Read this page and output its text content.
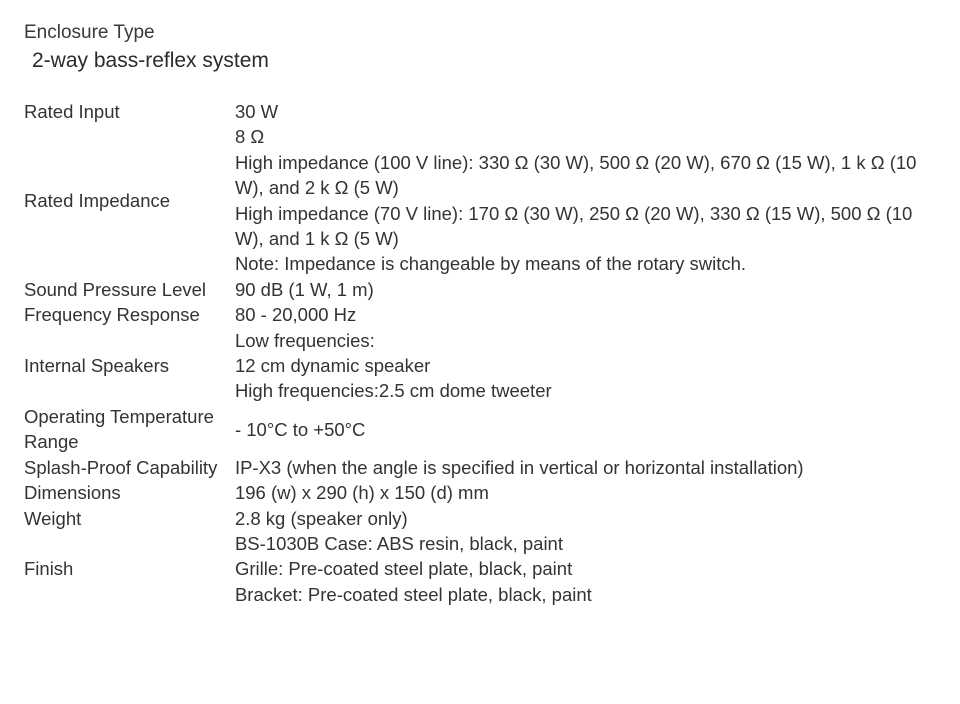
Enclosure Type

2-way bass-reflex system

Rated Input	30 W

Rated Impedance	8 Ω
High impedance (100 V line): 330 Ω (30 W), 500 Ω (20 W), 670 Ω (15 W), 1 k Ω (10 W), and 2 k Ω (5 W)
High impedance (70 V line): 170 Ω (30 W), 250 Ω (20 W), 330 Ω (15 W), 500 Ω (10 W), and 1 k Ω (5 W)
Note: Impedance is changeable by means of the rotary switch.

Sound Pressure Level	90 dB (1 W, 1 m)

Frequency Response	80 - 20,000 Hz

Internal Speakers	Low frequencies:
12 cm dynamic speaker
High frequencies:2.5 cm dome tweeter

Operating Temperature Range	- 10°C to +50°C

Splash-Proof Capability	IP-X3 (when the angle is specified in vertical or horizontal installation)

Dimensions	196 (w) x 290 (h) x 150 (d) mm

Weight	2.8 kg (speaker only)

Finish	BS-1030B Case: ABS resin, black, paint
Grille: Pre-coated steel plate, black, paint
Bracket: Pre-coated steel plate, black, paint
